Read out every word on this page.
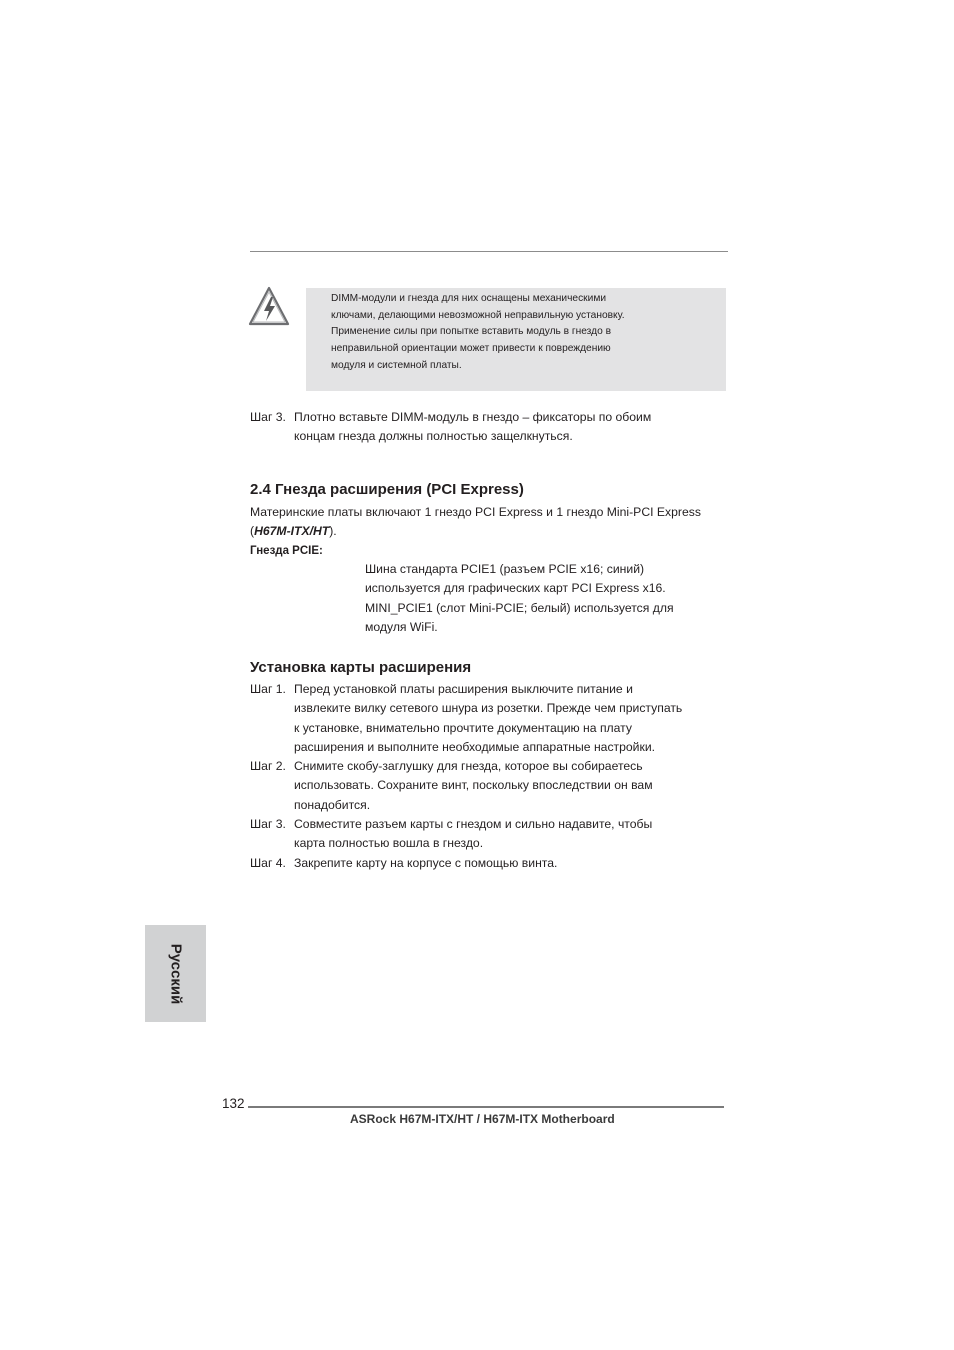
DIMM-модули и гнезда для них оснащены механическими
ключами, делающими невозможной неправильную установку.
Применение силы при попытке вставить модуль в гнездо в
неправильной ориентации может привести к повреждению
модуля и системной платы.
Шаг 3. Плотно вставьте DIMM-модуль в гнездо – фиксаторы по обоим
концам гнезда должны полностью защелкнуться.
2.4 Гнезда расширения (PCI Express)
Материнские платы включают 1 гнездо PCI Express и 1 гнездо Mini-PCI Express
(H67M-ITX/HT).
Гнезда PCIE:
Шина стандарта PCIE1 (разъем PCIE x16; синий)
используется для графических карт PCI Express x16.
MINI_PCIE1 (слот Mini-PCIE; белый) используется для
модуля WiFi.
Установка карты расширения
Шаг 1. Перед установкой платы расширения выключите питание и
извлеките вилку сетевого шнура из розетки. Прежде чем приступать
к установке, внимательно прочтите документацию на плату
расширения и выполните необходимые аппаратные настройки.
Шаг 2. Снимите скобу-заглушку для гнезда, которое вы собираетесь
использовать. Сохраните винт, поскольку впоследствии он вам
понадобится.
Шаг 3. Совместите разъем карты с гнездом и сильно надавите, чтобы
карта полностью вошла в гнездо.
Шаг 4. Закрепите карту на корпусе с помощью винта.
Русский
132
ASRock H67M-ITX/HT / H67M-ITX Motherboard
